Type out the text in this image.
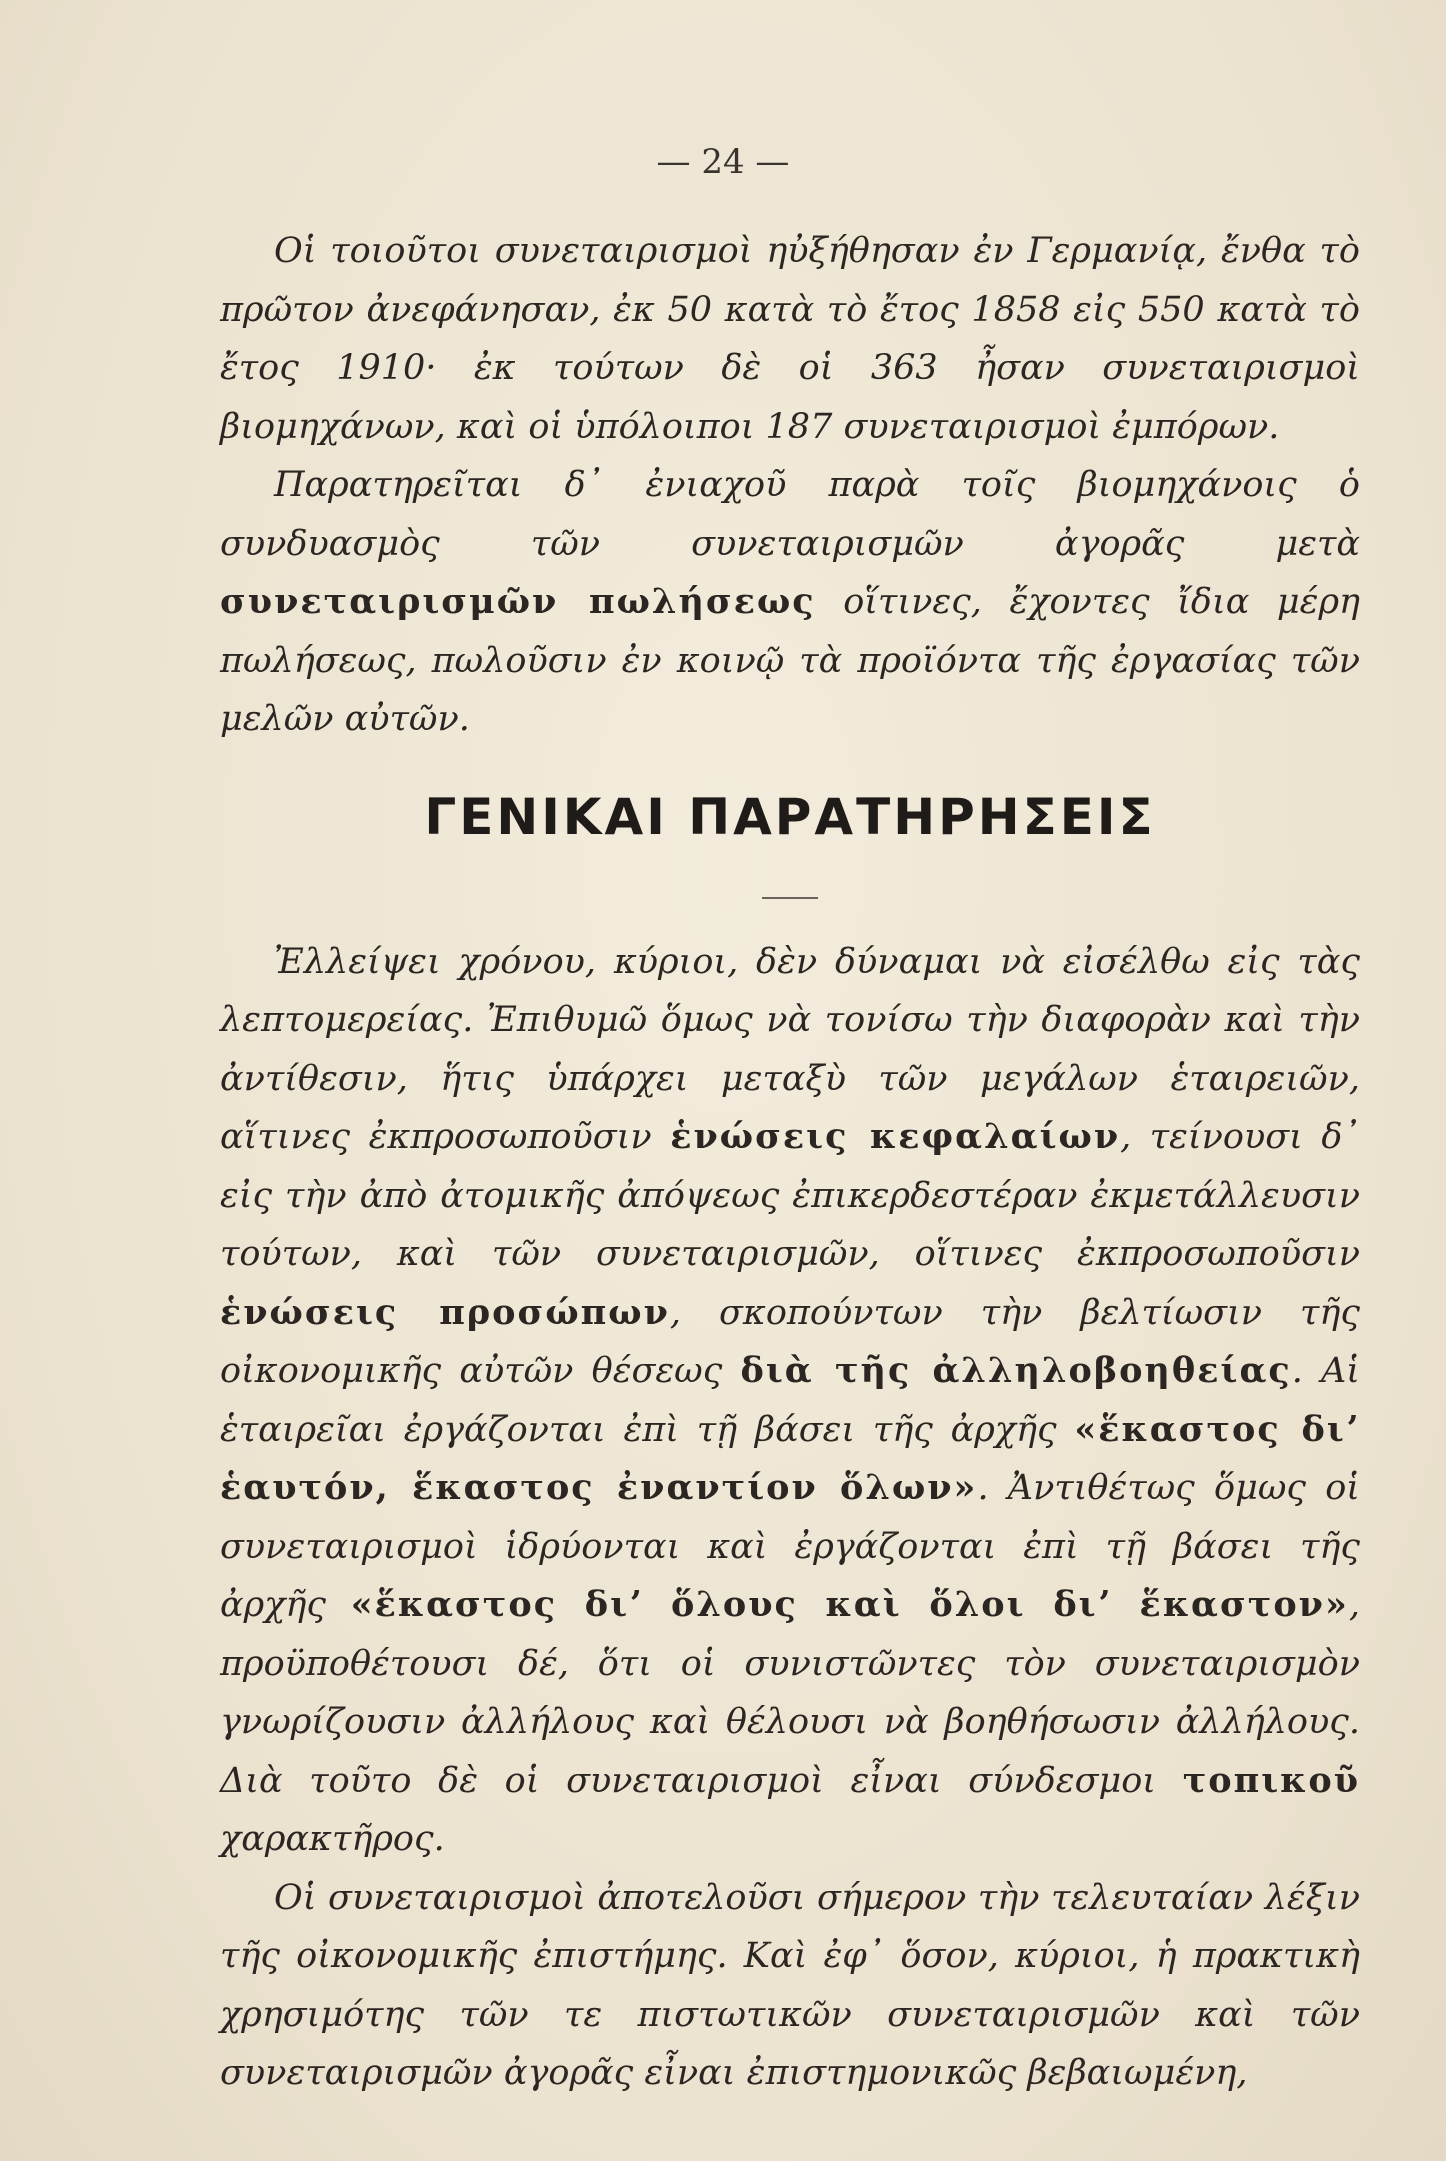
— 24 —

Οἱ τοιοῦτοι συνεταιρισμοὶ ηὐξήθησαν ἐν Γερμανίᾳ, ἔνθα τὸ πρῶτον ἀνεφάνησαν, ἐκ 50 κατὰ τὸ ἔτος 1858 εἰς 550 κατὰ τὸ ἔτος 1910· ἐκ τούτων δὲ οἱ 363 ἦσαν συνεταιρισμοὶ βιομηχάνων, καὶ οἱ ὑπόλοιποι 187 συνεταιρισμοὶ ἐμπόρων.

Παρατηρεῖται δ᾿ ἐνιαχοῦ παρὰ τοῖς βιομηχάνοις ὁ συνδυασμὸς τῶν συνεταιρισμῶν ἀγορᾶς μετὰ συνεταιρισμῶν πωλήσεως οἵτινες, ἔχοντες ἴδια μέρη πωλήσεως, πωλοῦσιν ἐν κοινῷ τὰ προϊόντα τῆς ἐργασίας τῶν μελῶν αὐτῶν.

ΓΕΝΙΚΑΙ ΠΑΡΑΤΗΡΗΣΕΙΣ

Ἐλλείψει χρόνου, κύριοι, δὲν δύναμαι νὰ εἰσέλθω εἰς τὰς λεπτομερείας. Ἐπιθυμῶ ὅμως νὰ τονίσω τὴν διαφορὰν καὶ τὴν ἀντίθεσιν, ἥτις ὑπάρχει μεταξὺ τῶν μεγάλων ἑταιρειῶν, αἵτινες ἐκπροσωποῦσιν ἑνώσεις κεφαλαίων, τείνουσι δ᾿ εἰς τὴν ἀπὸ ἀτομικῆς ἀπόψεως ἐπικερδεστέραν ἐκμετάλλευσιν τούτων, καὶ τῶν συνεταιρισμῶν, οἵτινες ἐκπροσωποῦσιν ἑνώσεις προσώπων, σκοπούντων τὴν βελτίωσιν τῆς οἰκονομικῆς αὐτῶν θέσεως διὰ τῆς ἀλληλοβοηθείας. Αἱ ἑταιρεῖαι ἐργάζονται ἐπὶ τῇ βάσει τῆς ἀρχῆς «ἕκαστος διʼ ἑαυτόν, ἕκαστος ἐναντίον ὅλων». Ἀντιθέτως ὅμως οἱ συνεταιρισμοὶ ἱδρύονται καὶ ἐργάζονται ἐπὶ τῇ βάσει τῆς ἀρχῆς «ἕκαστος διʼ ὅλους καὶ ὅλοι διʼ ἕκαστον», προϋποθέτουσι δέ, ὅτι οἱ συνιστῶντες τὸν συνεταιρισμὸν γνωρίζουσιν ἀλλήλους καὶ θέλουσι νὰ βοηθήσωσιν ἀλλήλους. Διὰ τοῦτο δὲ οἱ συνεταιρισμοὶ εἶναι σύνδεσμοι τοπικοῦ χαρακτῆρος.

Οἱ συνεταιρισμοὶ ἀποτελοῦσι σήμερον τὴν τελευταίαν λέξιν τῆς οἰκονομικῆς ἐπιστήμης. Καὶ ἐφ᾿ ὅσον, κύριοι, ἡ πρακτικὴ χρησιμότης τῶν τε πιστωτικῶν συνεταιρισμῶν καὶ τῶν συνεταιρισμῶν ἀγορᾶς εἶναι ἐπιστημονικῶς βεβαιωμένη,
